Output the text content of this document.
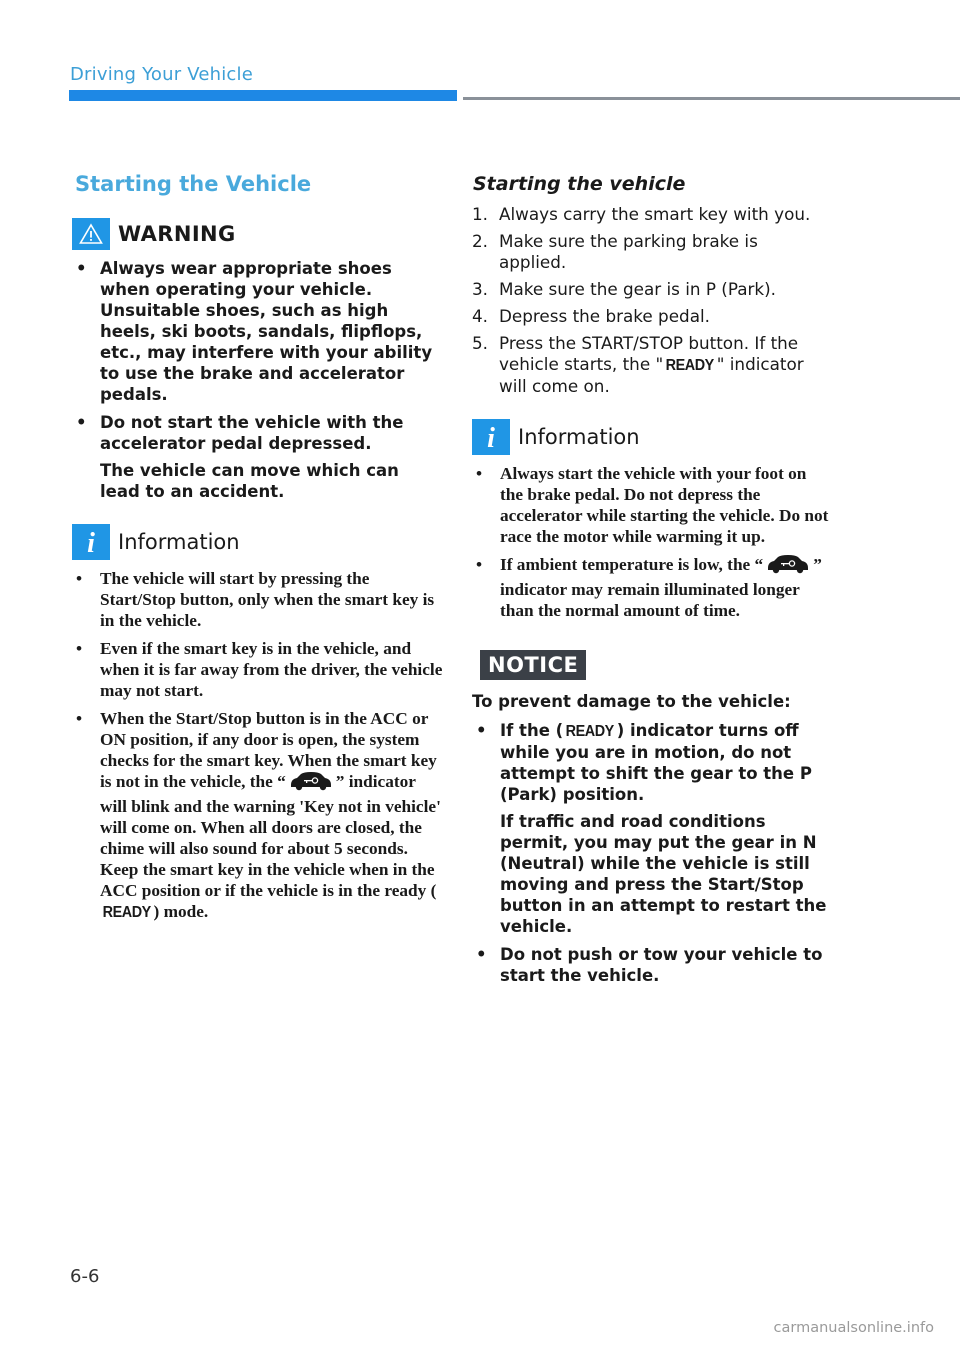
Driving Your Vehicle
Starting the Vehicle
WARNING
• Always wear appropriate shoes when operating your vehicle. Unsuitable shoes, such as high heels, ski boots, sandals, flipflops, etc., may interfere with your ability to use the brake and accelerator pedals.
• Do not start the vehicle with the accelerator pedal depressed.
The vehicle can move which can lead to an accident.
i Information
• The vehicle will start by pressing the Start/Stop button, only when the smart key is in the vehicle.
• Even if the smart key is in the vehicle, and when it is far away from the driver, the vehicle may not start.
• When the Start/Stop button is in the ACC or ON position, if any door is open, the system checks for the smart key. When the smart key is not in the vehicle, the “	” indicator will blink and the warning 'Key not in vehicle' will come on. When all doors are closed, the chime will also sound for about 5 seconds. Keep the smart key in the vehicle when in the ACC position or if the vehicle is in the ready (READY ) mode.
Starting the vehicle
1. Always carry the smart key with you.
2. Make sure the parking brake is applied.
3. Make sure the gear is in P (Park).
4. Depress the brake pedal.
5. Press the START/STOP button. If the vehicle starts, the " READY " indicator will come on.
i Information
• Always start the vehicle with your foot on the brake pedal. Do not depress the accelerator while starting the vehicle. Do not race the motor while warming it up.
• If ambient temperature is low, the “	” indicator may remain illuminated longer than the normal amount of time.
NOTICE
To prevent damage to the vehicle:
• If the ( READY ) indicator turns off while you are in motion, do not attempt to shift the gear to the P (Park) position.
If traffic and road conditions permit, you may put the gear in N (Neutral) while the vehicle is still moving and press the Start/Stop button in an attempt to restart the vehicle.
• Do not push or tow your vehicle to start the vehicle.
6-6
carmanualsonline.info
